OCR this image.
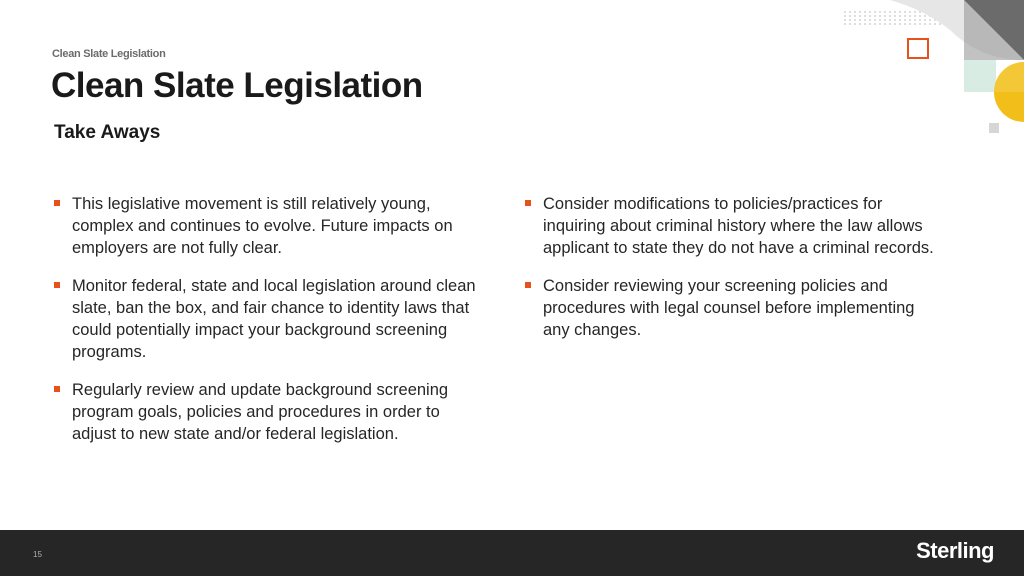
Clean Slate Legislation
Clean Slate Legislation
Take Aways
This legislative movement is still relatively young, complex and continues to evolve. Future impacts on employers are not fully clear.
Monitor federal, state and local legislation around clean slate, ban the box, and fair chance to identity laws that could potentially impact your background screening programs.
Regularly review and update background screening program goals, policies and procedures in order to adjust to new state and/or federal legislation.
Consider modifications to policies/practices for inquiring about criminal history where the law allows applicant to state they do not have a criminal records.
Consider reviewing your screening policies and procedures with legal counsel before implementing any changes.
15	Sterling
